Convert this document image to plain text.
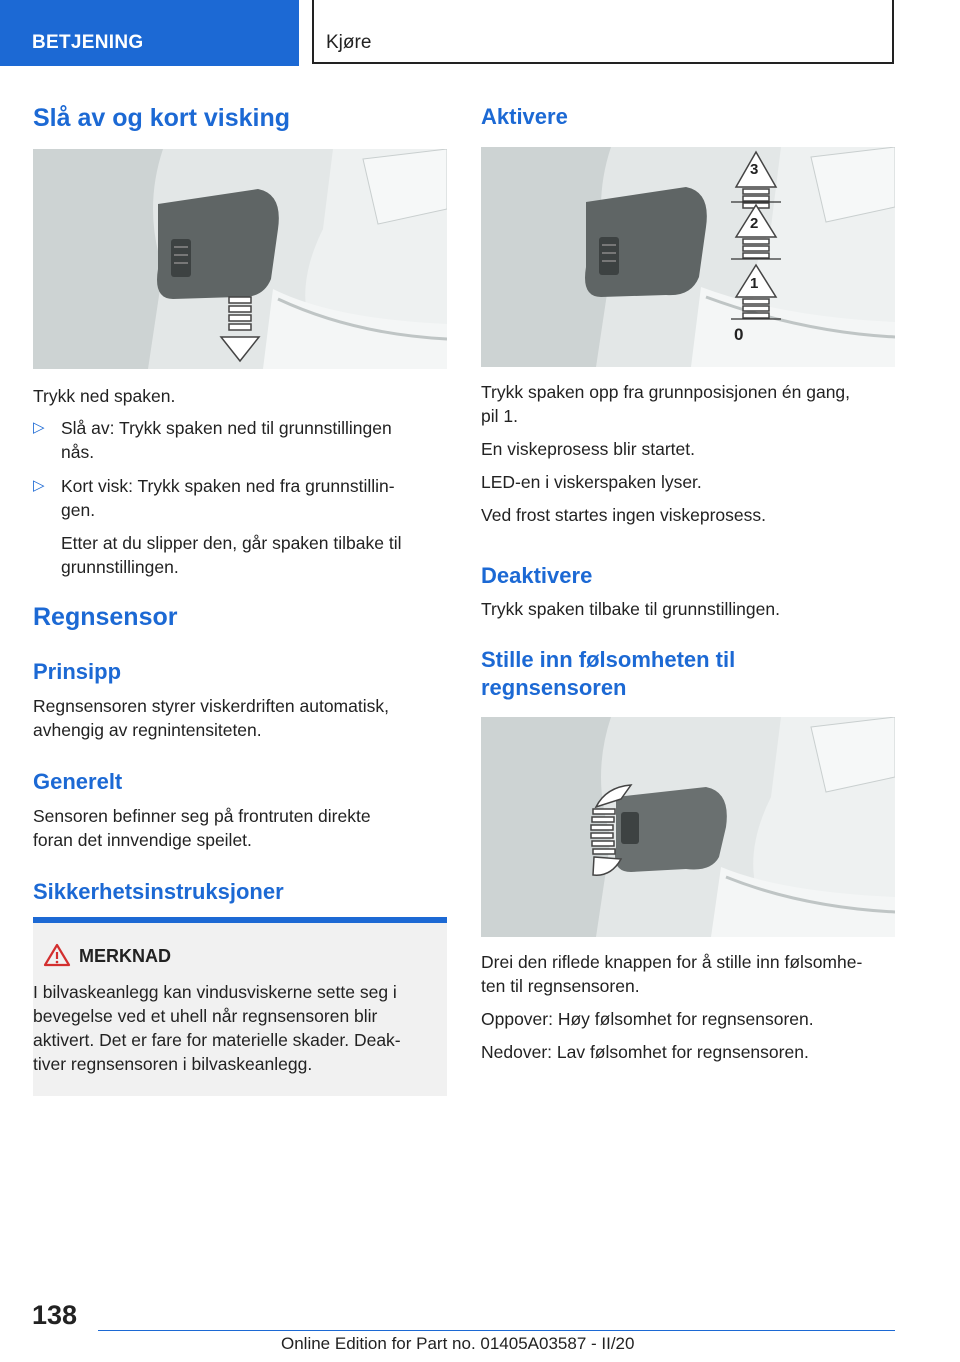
BETJENING	Kjøre
Slå av og kort visking

Trykk ned spaken.

▷ Slå av: Trykk spaken ned til grunnstillingen

nås.

▷ Kort visk: Trykk spaken ned fra grunnstillin‐

gen.

Etter at du slipper den, går spaken tilbake til

grunnstillingen.

Regnsensor
Prinsipp

Regnsensoren styrer viskerdriften automatisk,

avhengig av regnintensiteten.

Generelt

Sensoren befinner seg på frontruten direkte

foran det innvendige speilet.

Sikkerhetsinstruksjoner
MERKNAD

I bilvaskeanlegg kan vindusviskerne sette seg i

bevegelse ved et uhell når regnsensoren blir

aktivert. Det er fare for materielle skader. Deak‐

tiver regnsensoren i bilvaskeanlegg.

Aktivere
3
2
1
0

Trykk spaken opp fra grunnposisjonen én gang,

pil 1.

En viskeprosess blir startet.

LED-en i viskerspaken lyser.

Ved frost startes ingen viskeprosess.

Deaktivere

Trykk spaken tilbake til grunnstillingen.

Stille inn følsomheten til
regnsensoren

Drei den riflede knappen for å stille inn følsomhe‐

ten til regnsensoren.

Oppover: Høy følsomhet for regnsensoren.

Nedover: Lav følsomhet for regnsensoren.

138
Online Edition for Part no. 01405A03587 - II/20
